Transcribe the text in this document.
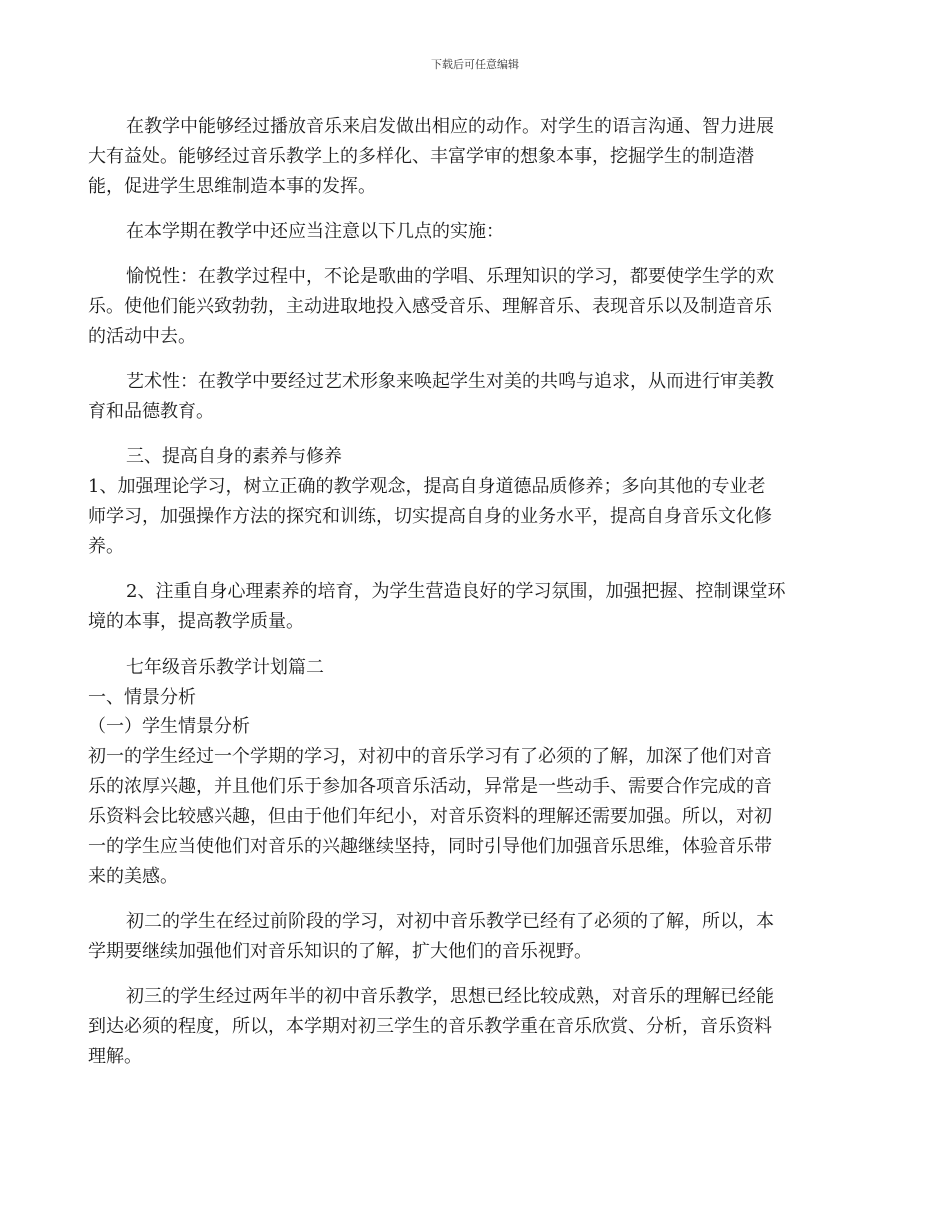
下载后可任意编辑
在教学中能够经过播放音乐来启发做出相应的动作。对学生的语言沟通、智力进展
大有益处。能够经过音乐教学上的多样化、丰富学审的想象本事，挖掘学生的制造潜
能，促进学生思维制造本事的发挥。
在本学期在教学中还应当注意以下几点的实施：
愉悦性：在教学过程中，不论是歌曲的学唱、乐理知识的学习，都要使学生学的欢
乐。使他们能兴致勃勃，主动进取地投入感受音乐、理解音乐、表现音乐以及制造音乐
的活动中去。
艺术性：在教学中要经过艺术形象来唤起学生对美的共鸣与追求，从而进行审美教
育和品德教育。
三、提高自身的素养与修养
1、加强理论学习，树立正确的教学观念，提高自身道德品质修养；多向其他的专业老
师学习，加强操作方法的探究和训练，切实提高自身的业务水平，提高自身音乐文化修
养。
2、注重自身心理素养的培育，为学生营造良好的学习氛围，加强把握、控制课堂环
境的本事，提高教学质量。
七年级音乐教学计划篇二
一、情景分析
（一）学生情景分析
初一的学生经过一个学期的学习，对初中的音乐学习有了必须的了解，加深了他们对音
乐的浓厚兴趣，并且他们乐于参加各项音乐活动，异常是一些动手、需要合作完成的音
乐资料会比较感兴趣，但由于他们年纪小，对音乐资料的理解还需要加强。所以，对初
一的学生应当使他们对音乐的兴趣继续坚持，同时引导他们加强音乐思维，体验音乐带
来的美感。
初二的学生在经过前阶段的学习，对初中音乐教学已经有了必须的了解，所以，本
学期要继续加强他们对音乐知识的了解，扩大他们的音乐视野。
初三的学生经过两年半的初中音乐教学，思想已经比较成熟，对音乐的理解已经能
到达必须的程度，所以，本学期对初三学生的音乐教学重在音乐欣赏、分析，音乐资料
理解。
